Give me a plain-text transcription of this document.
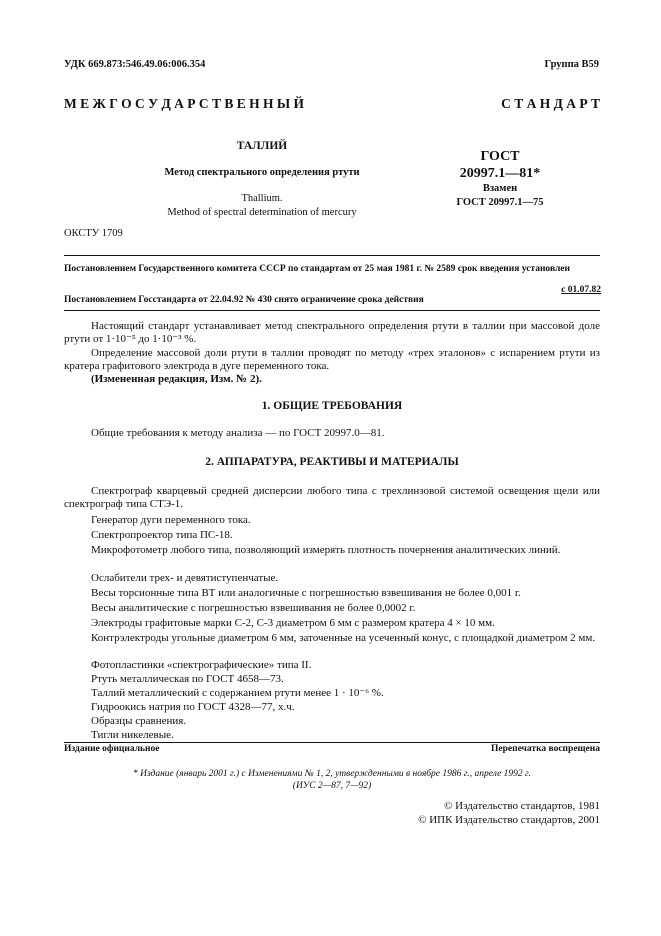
УДК 669.873:546.49.06:006.354	Группа В59
М Е Ж Г О С У Д А Р С Т В Е Н Н Ы Й	С Т А Н Д А Р Т
ТАЛЛИЙ
Метод спектрального определения ртути
Thallium.
Method of spectral determination of mercury
ГОСТ
20997.1—81*
Взамен
ГОСТ 20997.1—75
ОКСТУ 1709
Постановлением Государственного комитета СССР по стандартам от 25 мая 1981 г. № 2589 срок введения установлен
с 01.07.82
Постановлением Госстандарта от 22.04.92 № 430 снято ограничение срока действия
Настоящий стандарт устанавливает метод спектрального определения ртути в таллии при массовой доле ртути от 1·10⁻⁵ до 1·10⁻³ %.
Определение массовой доли ртути в таллии проводят по методу «трех эталонов» с испарением ртути из кратера графитового электрода в дуге переменного тока.
(Измененная редакция, Изм. № 2).
1. ОБЩИЕ ТРЕБОВАНИЯ
Общие требования к методу анализа — по ГОСТ 20997.0—81.
2. АППАРАТУРА, РЕАКТИВЫ И МАТЕРИАЛЫ
Спектрограф кварцевый средней дисперсии любого типа с трехлинзовой системой освещения щели или спектрограф типа СТЭ-1.
Генератор дуги переменного тока.
Спектропроектор типа ПС-18.
Микрофотометр любого типа, позволяющий измерять плотность почернения аналитических линий.
Ослабители трех- и девятиступенчатые.
Весы торсионные типа ВТ или аналогичные с погрешностью взвешивания не более 0,001 г.
Весы аналитические с погрешностью взвешивания не более 0,0002 г.
Электроды графитовые марки С-2, С-3 диаметром 6 мм с размером кратера 4 × 10 мм.
Контрэлектроды угольные диаметром 6 мм, заточенные на усеченный конус, с площадкой диаметром 2 мм.
Фотопластинки «спектрографические» типа II.
Ртуть металлическая по ГОСТ 4658—73.
Таллий металлический с содержанием ртути менее 1 · 10⁻⁶ %.
Гидроокись натрия по ГОСТ 4328—77, х.ч.
Образцы сравнения.
Тигли никелевые.
Издание официальное	Перепечатка воспрещена
* Издание (январь 2001 г.) с Изменениями № 1, 2, утвержденными в ноябре 1986 г., апреле 1992 г.
(ИУС 2—87, 7—92)
© Издательство стандартов, 1981
© ИПК Издательство стандартов, 2001
